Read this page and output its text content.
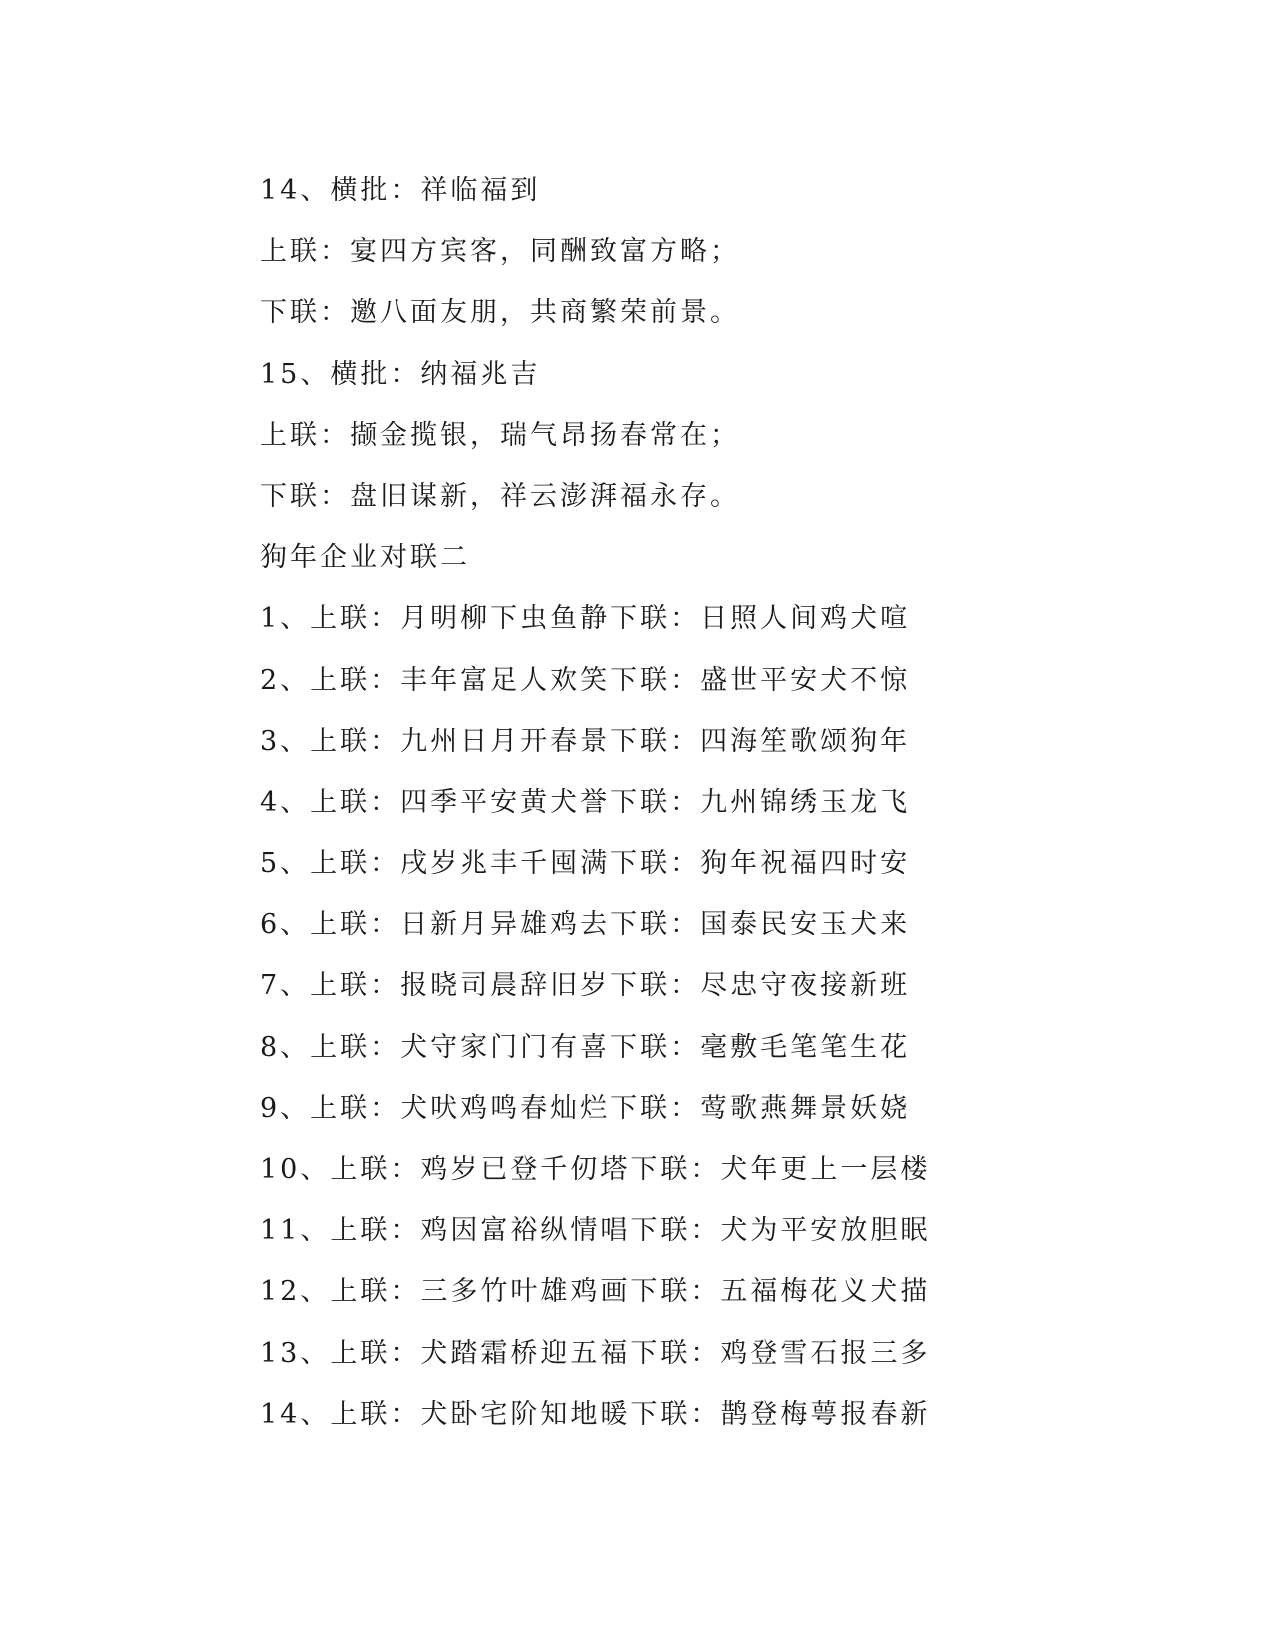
14、横批：祥临福到
上联：宴四方宾客，同酬致富方略；
下联：邀八面友朋，共商繁荣前景。
15、横批：纳福兆吉
上联：撷金揽银，瑞气昂扬春常在；
下联：盘旧谋新，祥云澎湃福永存。
狗年企业对联二
1、上联：月明柳下虫鱼静下联：日照人间鸡犬喧
2、上联：丰年富足人欢笑下联：盛世平安犬不惊
3、上联：九州日月开春景下联：四海笙歌颂狗年
4、上联：四季平安黄犬誉下联：九州锦绣玉龙飞
5、上联：戌岁兆丰千囤满下联：狗年祝福四时安
6、上联：日新月异雄鸡去下联：国泰民安玉犬来
7、上联：报晓司晨辞旧岁下联：尽忠守夜接新班
8、上联：犬守家门门有喜下联：毫敷毛笔笔生花
9、上联：犬吠鸡鸣春灿烂下联：莺歌燕舞景妖娆
10、上联：鸡岁已登千仞塔下联：犬年更上一层楼
11、上联：鸡因富裕纵情唱下联：犬为平安放胆眠
12、上联：三多竹叶雄鸡画下联：五福梅花义犬描
13、上联：犬踏霜桥迎五福下联：鸡登雪石报三多
14、上联：犬卧宅阶知地暖下联：鹊登梅萼报春新
